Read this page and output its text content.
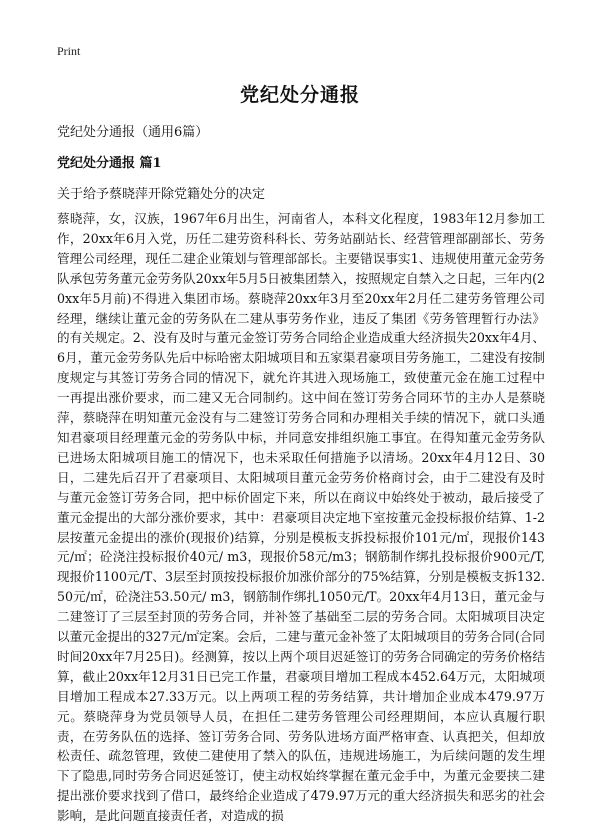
Print
党纪处分通报
党纪处分通报（通用6篇）
党纪处分通报 篇1
关于给予蔡晓萍开除党籍处分的决定

蔡晓萍，女，汉族，1967年6月出生，河南省人，本科文化程度，1983年12月参加工作，20xx年6月入党，历任二建劳资科科长、劳务站副站长、经营管理部副部长、劳务管理公司经理，现任二建企业策划与管理部部长。主要错误事实1、违规使用董元金劳务队承包劳务董元金劳务队20xx年5月5日被集团禁入，按照规定自禁入之日起，三年内(20xx年5月前)不得进入集团市场。蔡晓萍20xx年3月至20xx年2月任二建劳务管理公司经理，继续让董元金的劳务队在二建从事劳务作业，违反了集团《劳务管理暂行办法》的有关规定。2、没有及时与董元金签订劳务合同给企业造成重大经济损失20xx年4月、6月，董元金劳务队先后中标哈密太阳城项目和五家渠君豪项目劳务施工，二建没有按制度规定与其签订劳务合同的情况下，就允许其进入现场施工，致使董元金在施工过程中一再提出涨价要求，而二建又无合同制约。这中间在签订劳务合同环节的主办人是蔡晓萍，蔡晓萍在明知董元金没有与二建签订劳务合同和办理相关手续的情况下，就口头通知君豪项目经理董元金的劳务队中标，并同意安排组织施工事宜。在得知董元金劳务队已进场太阳城项目施工的情况下，也未采取任何措施予以清场。20xx年4月12日、30日，二建先后召开了君豪项目、太阳城项目董元金劳务价格商讨会，由于二建没有及时与董元金签订劳务合同，把中标价固定下来，所以在商议中始终处于被动，最后接受了董元金提出的大部分涨价要求，其中：君豪项目决定地下室按董元金投标报价结算、1-2层按董元金提出的涨价(现报价)结算，分别是模板支拆投标报价101元/㎡，现报价143元/㎡；砼浇注投标报价40元/ m3，现报价58元/m3；钢筋制作绑扎投标报价900元/T,现报价1100元/T、3层至封顶按投标报价加涨价部分的75%结算，分别是模板支拆132.50元/㎡，砼浇注53.50元/ m3，钢筋制作绑扎1050元/T。20xx年4月13日，董元金与二建签订了三层至封顶的劳务合同，并补签了基础至二层的劳务合同。太阳城项目决定以董元金提出的327元/㎡定案。会后，二建与董元金补签了太阳城项目的劳务合同(合同时间20xx年7月25日)。经测算，按以上两个项目迟延签订的劳务合同确定的劳务价格结算，截止20xx年12月31日已完工作量，君豪项目增加工程成本452.64万元，太阳城项目增加工程成本27.33万元。以上两项工程的劳务结算，共计增加企业成本479.97万元。蔡晓萍身为党员领导人员，在担任二建劳务管理公司经理期间，本应认真履行职责，在劳务队伍的选择、签订劳务合同、劳务队进场方面严格审查、认真把关，但却放松责任、疏忽管理，致使二建使用了禁入的队伍，违规进场施工，为后续问题的发生埋下了隐患,同时劳务合同迟延签订，使主动权始终掌握在董元金手中，为董元金要挟二建提出涨价要求找到了借口，最终给企业造成了479.97万元的重大经济损失和恶劣的社会影响，是此问题直接责任者，对造成的损
